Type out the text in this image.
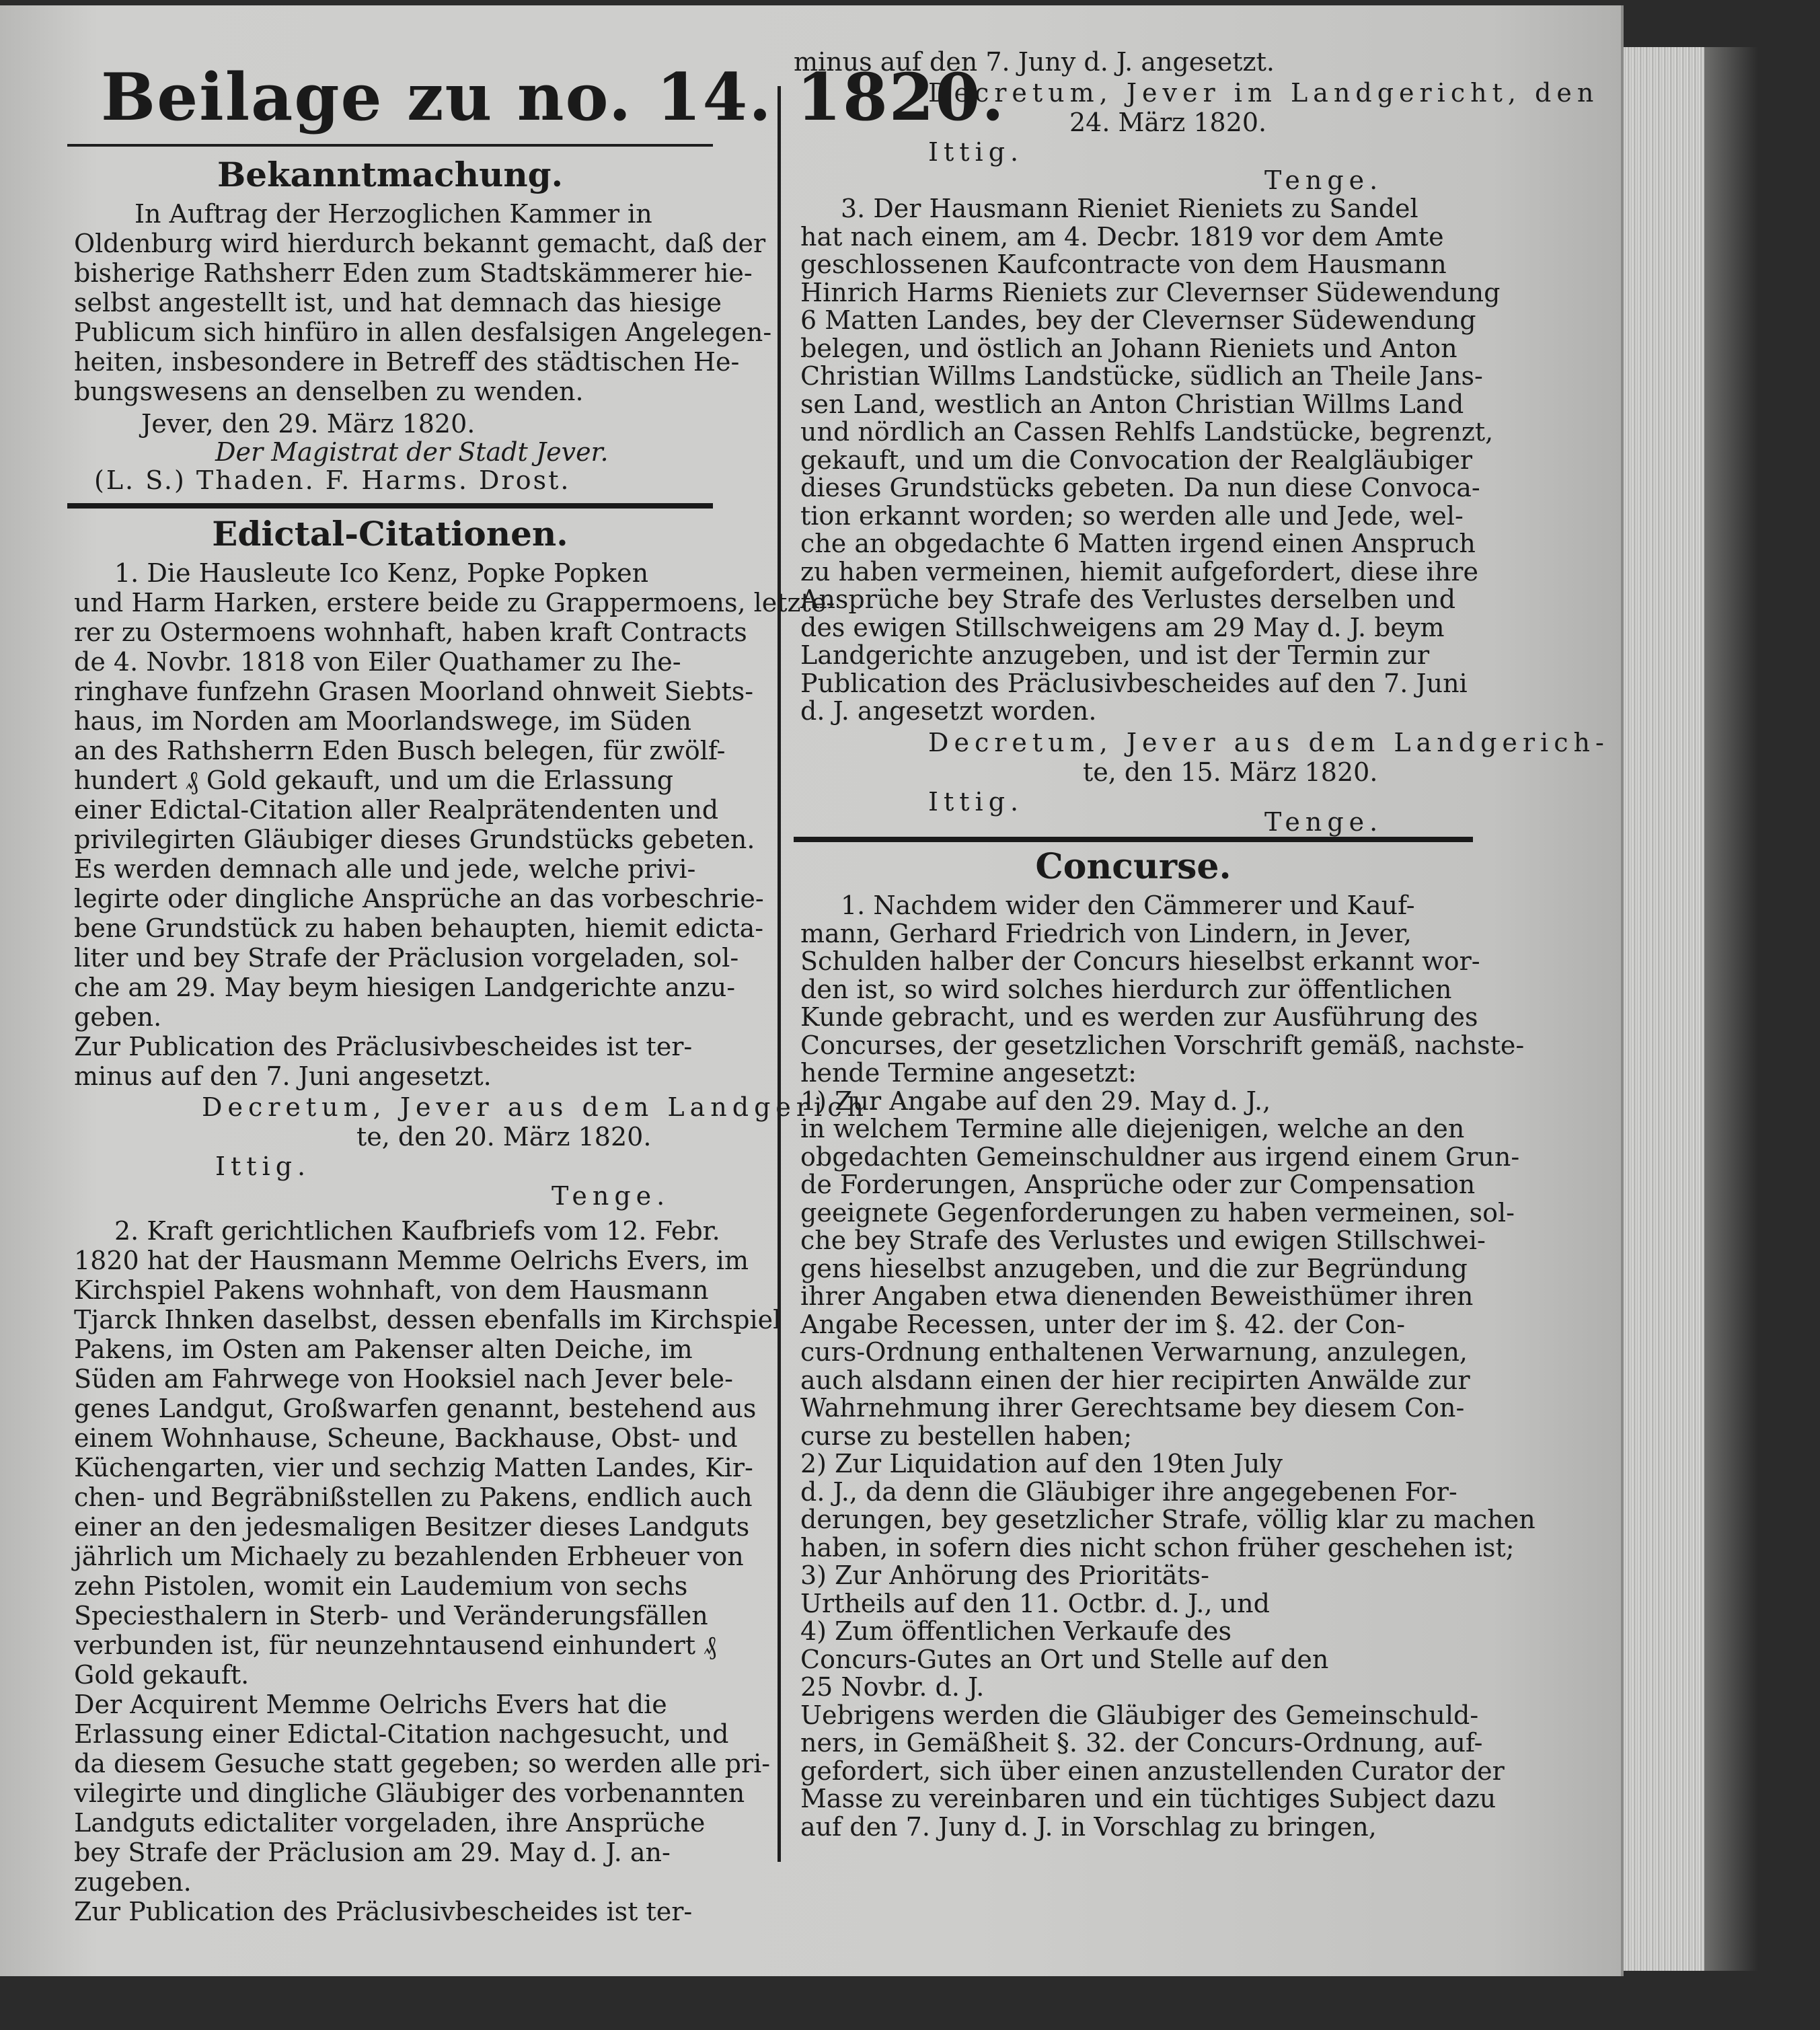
Beilage zu no. 14. 1820.
Bekanntmachung.
In Auftrag der Herzoglichen Kammer in
Oldenburg wird hierdurch bekannt gemacht, daß der
bisherige Rathsherr Eden zum Stadtskämmerer hie-
selbst angestellt ist, und hat demnach das hiesige
Publicum sich hinfüro in allen desfalsigen Angelegen-
heiten, insbesondere in Betreff des städtischen He-
bungswesens an denselben zu wenden.
Jever, den 29. März 1820.
Der Magistrat der Stadt Jever.
(L. S.) Thaden. F. Harms. Drost.
Edictal-Citationen.
1. Die Hausleute Ico Kenz, Popke Popken
und Harm Harken, erstere beide zu Grappermoens, letzte-
rer zu Ostermoens wohnhaft, haben kraft Contracts
de 4. Novbr. 1818 von Eiler Quathamer zu Ihe-
ringhave funfzehn Grasen Moorland ohnweit Siebts-
haus, im Norden am Moorlandswege, im Süden
an des Rathsherrn Eden Busch belegen, für zwölf-
hundert ₰ Gold gekauft, und um die Erlassung
einer Edictal-Citation aller Realprätendenten und
privilegirten Gläubiger dieses Grundstücks gebeten.
Es werden demnach alle und jede, welche privi-
legirte oder dingliche Ansprüche an das vorbeschrie-
bene Grundstück zu haben behaupten, hiemit edicta-
liter und bey Strafe der Präclusion vorgeladen, sol-
che am 29. May beym hiesigen Landgerichte anzu-
geben.
Zur Publication des Präclusivbescheides ist ter-
minus auf den 7. Juni angesetzt.
Decretum, Jever aus dem Landgerich-
te, den 20. März 1820.
Ittig.
Tenge.
2. Kraft gerichtlichen Kaufbriefs vom 12. Febr.
1820 hat der Hausmann Memme Oelrichs Evers, im
Kirchspiel Pakens wohnhaft, von dem Hausmann
Tjarck Ihnken daselbst, dessen ebenfalls im Kirchspiel
Pakens, im Osten am Pakenser alten Deiche, im
Süden am Fahrwege von Hooksiel nach Jever bele-
genes Landgut, Großwarfen genannt, bestehend aus
einem Wohnhause, Scheune, Backhause, Obst- und
Küchengarten, vier und sechzig Matten Landes, Kir-
chen- und Begräbnißstellen zu Pakens, endlich auch
einer an den jedesmaligen Besitzer dieses Landguts
jährlich um Michaely zu bezahlenden Erbheuer von
zehn Pistolen, womit ein Laudemium von sechs
Speciesthalern in Sterb- und Veränderungsfällen
verbunden ist, für neunzehntausend einhundert ₰
Gold gekauft.
Der Acquirent Memme Oelrichs Evers hat die
Erlassung einer Edictal-Citation nachgesucht, und
da diesem Gesuche statt gegeben; so werden alle pri-
vilegirte und dingliche Gläubiger des vorbenannten
Landguts edictaliter vorgeladen, ihre Ansprüche
bey Strafe der Präclusion am 29. May d. J. an-
zugeben.
Zur Publication des Präclusivbescheides ist ter-
minus auf den 7. Juny d. J. angesetzt.
Decretum, Jever im Landgericht, den
24. März 1820.
Ittig.
Tenge.
3. Der Hausmann Rieniet Rieniets zu Sandel
hat nach einem, am 4. Decbr. 1819 vor dem Amte
geschlossenen Kaufcontracte von dem Hausmann
Hinrich Harms Rieniets zur Clevernser Südewendung
6 Matten Landes, bey der Clevernser Südewendung
belegen, und östlich an Johann Rieniets und Anton
Christian Willms Landstücke, südlich an Theile Jans-
sen Land, westlich an Anton Christian Willms Land
und nördlich an Cassen Rehlfs Landstücke, begrenzt,
gekauft, und um die Convocation der Realgläubiger
dieses Grundstücks gebeten. Da nun diese Convoca-
tion erkannt worden; so werden alle und Jede, wel-
che an obgedachte 6 Matten irgend einen Anspruch
zu haben vermeinen, hiemit aufgefordert, diese ihre
Ansprüche bey Strafe des Verlustes derselben und
des ewigen Stillschweigens am 29 May d. J. beym
Landgerichte anzugeben, und ist der Termin zur
Publication des Präclusivbescheides auf den 7. Juni
d. J. angesetzt worden.
Decretum, Jever aus dem Landgerich-
te, den 15. März 1820.
Ittig.
Tenge.
Concurse.
1. Nachdem wider den Cämmerer und Kauf-
mann, Gerhard Friedrich von Lindern, in Jever,
Schulden halber der Concurs hieselbst erkannt wor-
den ist, so wird solches hierdurch zur öffentlichen
Kunde gebracht, und es werden zur Ausführung des
Concurses, der gesetzlichen Vorschrift gemäß, nachste-
hende Termine angesetzt:
1) Zur Angabe auf den 29. May d. J.,
in welchem Termine alle diejenigen, welche an den
obgedachten Gemeinschuldner aus irgend einem Grun-
de Forderungen, Ansprüche oder zur Compensation
geeignete Gegenforderungen zu haben vermeinen, sol-
che bey Strafe des Verlustes und ewigen Stillschwei-
gens hieselbst anzugeben, und die zur Begründung
ihrer Angaben etwa dienenden Beweisthümer ihren
Angabe Recessen, unter der im §. 42. der Con-
curs-Ordnung enthaltenen Verwarnung, anzulegen,
auch alsdann einen der hier recipirten Anwälde zur
Wahrnehmung ihrer Gerechtsame bey diesem Con-
curse zu bestellen haben;
2) Zur Liquidation auf den 19ten July
d. J., da denn die Gläubiger ihre angegebenen For-
derungen, bey gesetzlicher Strafe, völlig klar zu machen
haben, in sofern dies nicht schon früher geschehen ist;
3) Zur Anhörung des Prioritäts-
Urtheils auf den 11. Octbr. d. J., und
4) Zum öffentlichen Verkaufe des
Concurs-Gutes an Ort und Stelle auf den
25 Novbr. d. J.
Uebrigens werden die Gläubiger des Gemeinschuld-
ners, in Gemäßheit §. 32. der Concurs-Ordnung, auf-
gefordert, sich über einen anzustellenden Curator der
Masse zu vereinbaren und ein tüchtiges Subject dazu
auf den 7. Juny d. J. in Vorschlag zu bringen,
